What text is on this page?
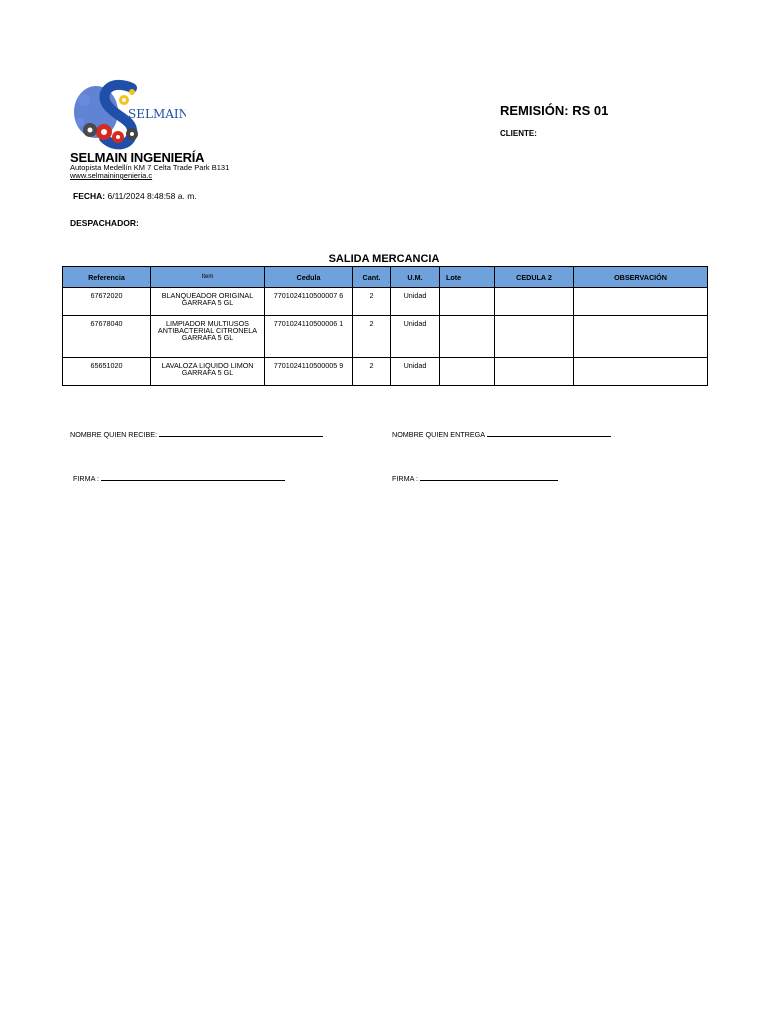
SELMAIN
SELMAIN INGENIERÍA
Autopista Medellín KM 7 Celta Trade Park B131
www.selmainingenieria.c
REMISIÓN: RS 01
CLIENTE:
FECHA: 6/11/2024 8:48:58 a. m.
DESPACHADOR:
SALIDA MERCANCIA
Referencia	Item	Cedula	Cant.	U.M.	Lote	CEDULA 2	OBSERVACIÓN
67672020	BLANQUEADOR ORIGINAL GARRAFA 5 GL	7701024110500007 6	2	Unidad			
67678040	LIMPIADOR MULTIUSOS ANTIBACTERIAL CITRONELA GARRAFA 5 GL	7701024110500006 1	2	Unidad			
65651020	LAVALOZA LIQUIDO LIMON GARRAFA 5 GL	7701024110500005 9	2	Unidad			
NOMBRE QUIEN RECIBE:	NOMBRE QUIEN ENTREGA
FIRMA :	FIRMA :
